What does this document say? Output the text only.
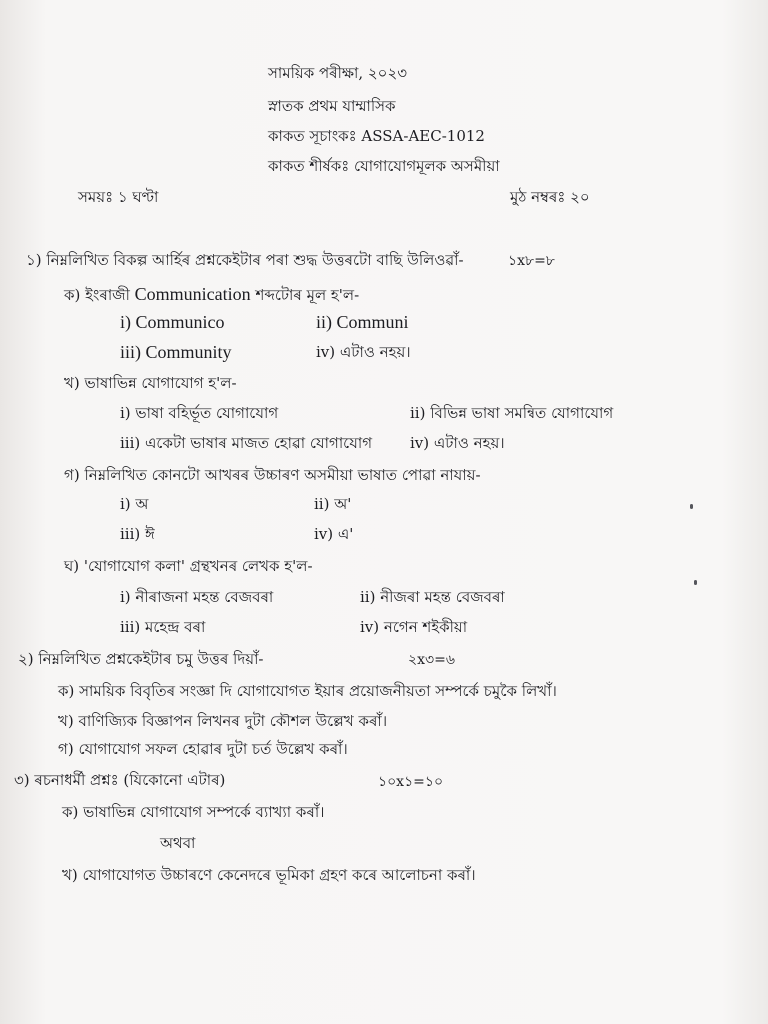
সাময়িক পৰীক্ষা, ২০২৩
স্নাতক প্ৰথম যাম্মাসিক
কাকত সূচাংকঃ ASSA-AEC-1012
কাকত শীৰ্ষকঃ যোগাযোগমূলক অসমীয়া
সময়ঃ ১ ঘণ্টা	মুঠ নম্বৰঃ ২০
১) নিম্নলিখিত বিকল্প আৰ্হিৰ প্ৰশ্নকেইটাৰ পৰা শুদ্ধ উত্তৰটো বাছি উলিওৱাঁ-	১x৮=৮
ক) ইংৰাজী Communication শব্দটোৰ মূল হ'ল-
i) Communico	ii) Communi
iii) Community	iv) এটাও নহয়।
খ) ভাষাভিন্ন যোগাযোগ হ'ল-
i) ভাষা বহিৰ্ভূত যোগাযোগ	ii) বিভিন্ন ভাষা সমন্বিত যোগাযোগ
iii) একেটা ভাষাৰ মাজত হোৱা যোগাযোগ	iv) এটাও নহয়।
গ) নিম্নলিখিত কোনটো আখৰৰ উচ্চাৰণ অসমীয়া ভাষাত পোৱা নাযায়-
i) অ	ii) অ'
iii) ঈ	iv) এ'
ঘ) 'যোগাযোগ কলা' গ্ৰন্থখনৰ লেখক হ'ল-
i) নীৰাজনা মহন্ত বেজবৰা	ii) নীজৰা মহন্ত বেজবৰা
iii) মহেন্দ্ৰ বৰা	iv) নগেন শইকীয়া
২) নিম্নলিখিত প্ৰশ্নকেইটাৰ চমু উত্তৰ দিয়াঁ-	২x৩=৬
ক) সাময়িক বিবৃতিৰ সংজ্ঞা দি যোগাযোগত ইয়াৰ প্ৰয়োজনীয়তা সম্পৰ্কে চমুকৈ লিখাঁ।
খ) বাণিজ্যিক বিজ্ঞাপন লিখনৰ দুটা কৌশল উল্লেখ কৰাঁ।
গ) যোগাযোগ সফল হোৱাৰ দুটা চৰ্ত উল্লেখ কৰাঁ।
৩) ৰচনাধৰ্মী প্ৰশ্নঃ (যিকোনো এটাৰ)	১০x১=১০
ক) ভাষাভিন্ন যোগাযোগ সম্পৰ্কে ব্যাখ্যা কৰাঁ।
অথবা
খ) যোগাযোগত উচ্চাৰণে কেনেদৰে ভূমিকা গ্ৰহণ কৰে আলোচনা কৰাঁ।
